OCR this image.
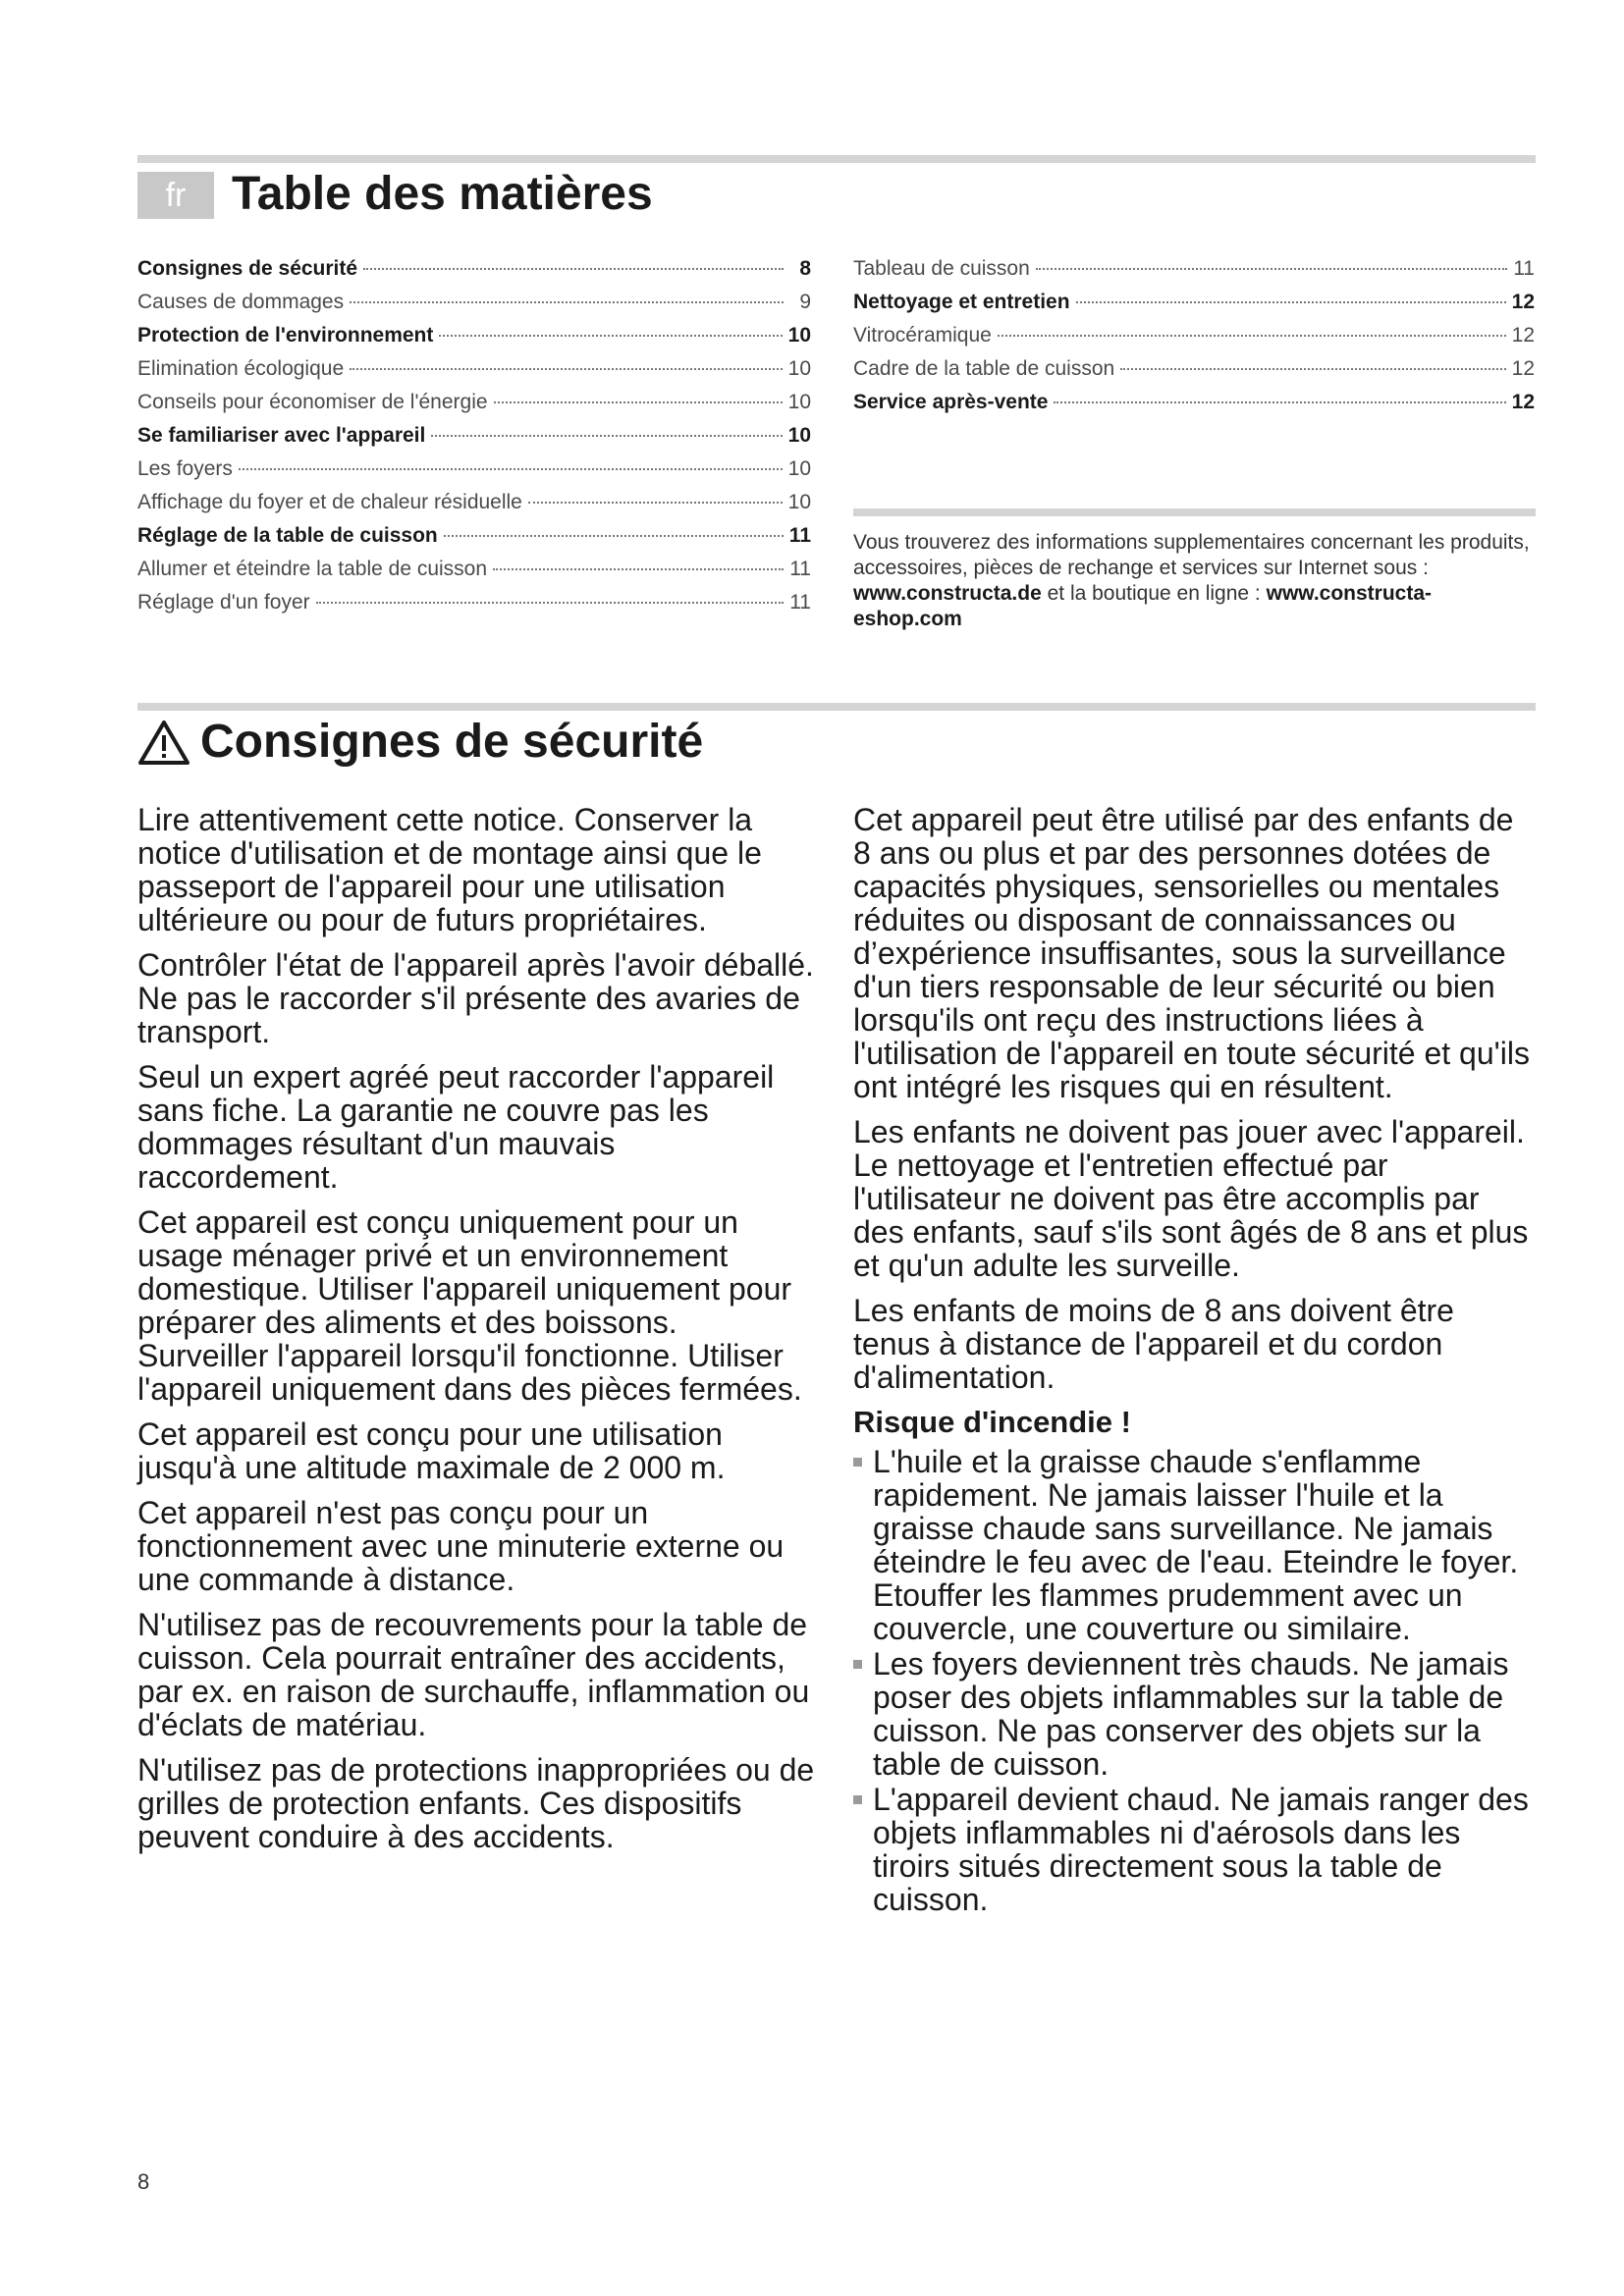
fr Table des matières
Consignes de sécurité	8
Causes de dommages	9
Protection de l'environnement	10
Elimination écologique	10
Conseils pour économiser de l'énergie	10
Se familiariser avec l'appareil	10
Les foyers	10
Affichage du foyer et de chaleur résiduelle	10
Réglage de la table de cuisson	11
Allumer et éteindre la table de cuisson	11
Réglage d'un foyer	11
Tableau de cuisson	11
Nettoyage et entretien	12
Vitrocéramique	12
Cadre de la table de cuisson	12
Service après-vente	12
Vous trouverez des informations supplementaires concernant les produits, accessoires, pièces de rechange et services sur Internet sous : www.constructa.de et la boutique en ligne : www.constructa-eshop.com
Consignes de sécurité

Lire attentivement cette notice. Conserver la notice d'utilisation et de montage ainsi que le passeport de l'appareil pour une utilisation ultérieure ou pour de futurs propriétaires.

Contrôler l'état de l'appareil après l'avoir déballé. Ne pas le raccorder s'il présente des avaries de transport.

Seul un expert agréé peut raccorder l'appareil sans fiche. La garantie ne couvre pas les dommages résultant d'un mauvais raccordement.

Cet appareil est conçu uniquement pour un usage ménager privé et un environnement domestique. Utiliser l'appareil uniquement pour préparer des aliments et des boissons. Surveiller l'appareil lorsqu'il fonctionne. Utiliser l'appareil uniquement dans des pièces fermées.

Cet appareil est conçu pour une utilisation jusqu'à une altitude maximale de 2 000 m.

Cet appareil n'est pas conçu pour un fonctionnement avec une minuterie externe ou une commande à distance.

N'utilisez pas de recouvrements pour la table de cuisson. Cela pourrait entraîner des accidents, par ex. en raison de surchauffe, inflammation ou d'éclats de matériau.

N'utilisez pas de protections inappropriées ou de grilles de protection enfants. Ces dispositifs peuvent conduire à des accidents.

Cet appareil peut être utilisé par des enfants de 8 ans ou plus et par des personnes dotées de capacités physiques, sensorielles ou mentales réduites ou disposant de connaissances ou d’expérience insuffisantes, sous la surveillance d'un tiers responsable de leur sécurité ou bien lorsqu'ils ont reçu des instructions liées à l'utilisation de l'appareil en toute sécurité et qu'ils ont intégré les risques qui en résultent.

Les enfants ne doivent pas jouer avec l'appareil. Le nettoyage et l'entretien effectué par l'utilisateur ne doivent pas être accomplis par des enfants, sauf s'ils sont âgés de 8 ans et plus et qu'un adulte les surveille.

Les enfants de moins de 8 ans doivent être tenus à distance de l'appareil et du cordon d'alimentation.

Risque d'incendie !
L'huile et la graisse chaude s'enflamme rapidement. Ne jamais laisser l'huile et la graisse chaude sans surveillance. Ne jamais éteindre le feu avec de l'eau. Eteindre le foyer. Etouffer les flammes prudemment avec un couvercle, une couverture ou similaire.
Les foyers deviennent très chauds. Ne jamais poser des objets inflammables sur la table de cuisson. Ne pas conserver des objets sur la table de cuisson.
L'appareil devient chaud. Ne jamais ranger des objets inflammables ni d'aérosols dans les tiroirs situés directement sous la table de cuisson.
8
